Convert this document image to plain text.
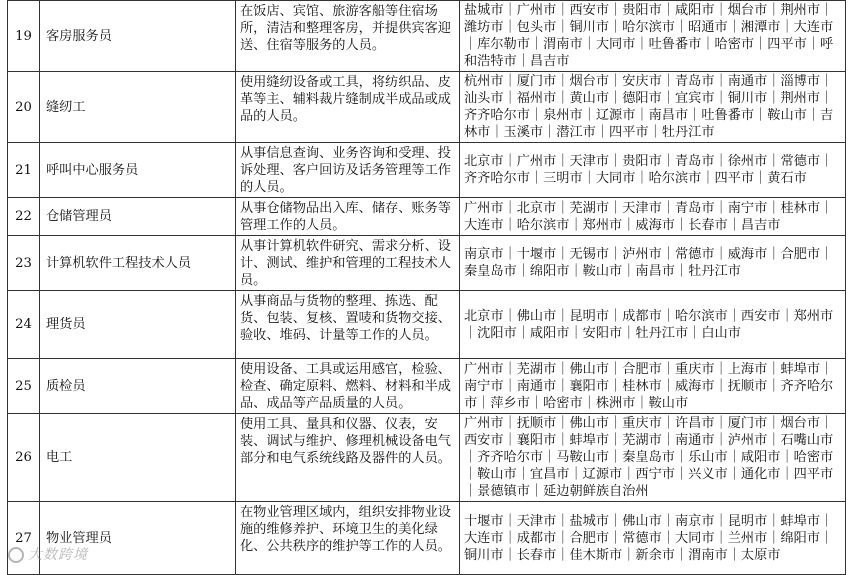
19	客房服务员	在饭店、宾馆、旅游客船等住宿场所，清洁和整理客房，并提供宾客迎送、住宿等服务的人员。	盐城市｜广州市｜西安市｜贵阳市｜咸阳市｜烟台市｜荆州市｜潍坊市｜包头市｜铜川市｜哈尔滨市｜昭通市｜湘潭市｜大连市｜库尔勒市｜渭南市｜大同市｜吐鲁番市｜哈密市｜四平市｜呼和浩特市｜昌吉市
20	缝纫工	使用缝纫设备或工具，将纺织品、皮革等主、辅料裁片缝制成半成品或成品的人员。	杭州市｜厦门市｜烟台市｜安庆市｜青岛市｜南通市｜淄博市｜汕头市｜福州市｜黄山市｜德阳市｜宜宾市｜铜川市｜荆州市｜齐齐哈尔市｜泉州市｜辽源市｜南昌市｜吐鲁番市｜鞍山市｜吉林市｜玉溪市｜潜江市｜四平市｜牡丹江市
21	呼叫中心服务员	从事信息查询、业务咨询和受理、投诉处理、客户回访及话务管理等工作的人员。	北京市｜广州市｜天津市｜贵阳市｜青岛市｜徐州市｜常德市｜齐齐哈尔市｜三明市｜大同市｜哈尔滨市｜四平市｜黄石市
22	仓储管理员	从事仓储物品出入库、储存、账务等管理工作的人员。	广州市｜北京市｜芜湖市｜天津市｜青岛市｜南宁市｜桂林市｜大连市｜哈尔滨市｜郑州市｜威海市｜长春市｜昌吉市
23	计算机软件工程技术人员	从事计算机软件研究、需求分析、设计、测试、维护和管理的工程技术人员。	南京市｜十堰市｜无锡市｜泸州市｜常德市｜威海市｜合肥市｜秦皇岛市｜绵阳市｜鞍山市｜南昌市｜牡丹江市
24	理货员	从事商品与货物的整理、拣选、配货、包装、复核、置唛和货物交接、验收、堆码、计量等工作的人员。	北京市｜佛山市｜昆明市｜成都市｜哈尔滨市｜西安市｜郑州市｜沈阳市｜咸阳市｜安阳市｜牡丹江市｜白山市
25	质检员	使用设备、工具或运用感官，检验、检查、确定原料、燃料、材料和半成品、成品等产品质量的人员。	广州市｜芜湖市｜佛山市｜合肥市｜重庆市｜上海市｜蚌埠市｜南宁市｜南通市｜襄阳市｜桂林市｜威海市｜抚顺市｜齐齐哈尔市｜萍乡市｜哈密市｜株洲市｜鞍山市
26	电工	使用工具、量具和仪器、仪表，安装、调试与维护、修理机械设备电气部分和电气系统线路及器件的人员。	广州市｜抚顺市｜佛山市｜重庆市｜许昌市｜厦门市｜烟台市｜西安市｜襄阳市｜蚌埠市｜芜湖市｜南通市｜泸州市｜石嘴山市｜齐齐哈尔市｜马鞍山市｜秦皇岛市｜乐山市｜咸阳市｜哈密市｜鞍山市｜宜昌市｜辽源市｜西宁市｜兴义市｜通化市｜四平市｜景德镇市｜延边朝鲜族自治州
27	物业管理员	在物业管理区域内，组织安排物业设施的维修养护、环境卫生的美化绿化、公共秩序的维护等工作的人员。	十堰市｜天津市｜盐城市｜佛山市｜南京市｜昆明市｜蚌埠市｜大连市｜成都市｜合肥市｜常德市｜大同市｜兰州市｜绵阳市｜铜川市｜长春市｜佳木斯市｜新余市｜渭南市｜太原市
大数跨境
